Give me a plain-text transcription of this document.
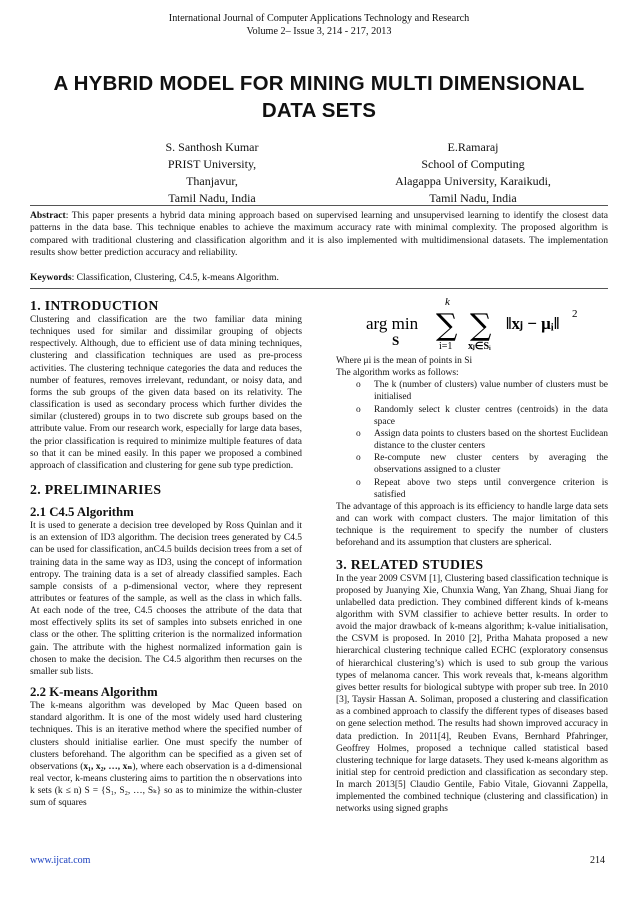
International Journal of Computer Applications Technology and Research
Volume 2– Issue 3, 214 - 217, 2013
A HYBRID MODEL FOR MINING MULTI DIMENSIONAL DATA SETS
S. Santhosh Kumar
PRIST University,
Thanjavur,
Tamil Nadu, India
E.Ramaraj
School of Computing
Alagappa University, Karaikudi,
Tamil Nadu, India
Abstract: This paper presents a hybrid data mining approach based on supervised learning and unsupervised learning to identify the closest data patterns in the data base. This technique enables to achieve the maximum accuracy rate with minimal complexity. The proposed algorithm is compared with traditional clustering and classification algorithm and it is also implemented with multidimensional datasets. The implementation results show better prediction accuracy and reliability.
Keywords: Classification, Clustering, C4.5, k-means Algorithm.
1. INTRODUCTION

Clustering and classification are the two familiar data mining techniques used for similar and dissimilar grouping of objects respectively. Although, due to efficient use of data mining techniques, clustering and classification techniques are used as pre-process activities. The clustering technique categories the data and reduces the number of features, removes irrelevant, redundant, or noisy data, and forms the sub groups of the given data based on its relativity. The classification is used as secondary process which further divides the similar (clustered) groups in to two discrete sub groups based on the attribute value. From our research work, especially for large data bases, the prior classification is required to minimize multiple features of data so that it can be mined easily. In this paper we proposed a combined approach of classification and clustering for gene sub type prediction.

2. PRELIMINARIES
2.1 C4.5 Algorithm

It is used to generate a decision tree developed by Ross Quinlan and it is an extension of ID3 algorithm. The decision trees generated by C4.5 can be used for classification, anC4.5 builds decision trees from a set of training data in the same way as ID3, using the concept of information entropy. The training data is a set of already classified samples. Each sample consists of a p-dimensional vector, where they represent attributes or features of the sample, as well as the class in which falls. At each node of the tree, C4.5 chooses the attribute of the data that most effectively splits its set of samples into subsets enriched in one class or the other. The splitting criterion is the normalized information gain. The attribute with the highest normalized information gain is chosen to make the decision. The C4.5 algorithm then recurses on the smaller sub lists.

2.2 K-means Algorithm

The k-means algorithm was developed by Mac Queen based on standard algorithm. It is one of the most widely used hard clustering techniques. This is an iterative method where the specified number of clusters should initialise earlier. One must specify the number of clusters beforehand. The algorithm can be specified as a given set of observations (x₁, x₂, …, xₙ), where each observation is a d-dimensional real vector, k-means clustering aims to partition the n observations into k sets (k ≤ n) S = {S₁, S₂, …, Sₖ} so as to minimize the within-cluster sum of squares

arg min
S ∑ ∑
k
i=1 xⱼ∈Sᵢ
‖xⱼ − μᵢ‖ 2

Where μi is the mean of points in Si

The algorithm works as follows:

o The k (number of clusters) value number of clusters must be initialised
o Randomly select k cluster centres (centroids) in the data space
o Assign data points to clusters based on the shortest Euclidean distance to the cluster centers
o Re-compute new cluster centers by averaging the observations assigned to a cluster
o Repeat above two steps until convergence criterion is satisfied

The advantage of this approach is its efficiency to handle large data sets and can work with compact clusters. The major limitation of this technique is the requirement to specify the number of clusters beforehand and its assumption that clusters are spherical.

3. RELATED STUDIES

In the year 2009 CSVM [1], Clustering based classification technique is proposed by Juanying Xie, Chunxia Wang, Yan Zhang, Shuai Jiang for unlabelled data prediction. They combined different kinds of k-means algorithm with SVM classifier to achieve better results. In order to avoid the major drawback of k-means algorithm; k-value initialisation, the CSVM is proposed. In 2010 [2], Pritha Mahata proposed a new hierarchical clustering technique called ECHC (exploratory consensus of hierarchical clustering’s) which is used to sub group the various types of melanoma cancer. This work reveals that, k-means algorithm gives better results for biological subtype with proper sub tree. In 2010 [3], Taysir Hassan A. Soliman, proposed a clustering and classification as a combined approach to classify the different types of diseases based on gene selection method. The results had shown improved accuracy in data prediction. In 2011[4], Reuben Evans, Bernhard Pfahringer, Geoffrey Holmes, proposed a technique called statistical based clustering technique for large datasets. They used k-means algorithm as initial step for centroid prediction and classification as secondary step. In march 2013[5] Claudio Gentile, Fabio Vitale, Giovanni Zappella, implemented the combined technique (clustering and classification) in networks using signed graphs

www.ijcat.com	214
